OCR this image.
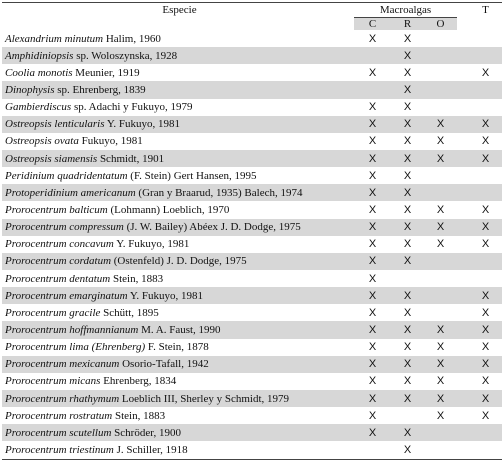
Especie	Macroalgas				T
	C	R	O		
Alexandrium minutum Halim, 1960	X	X			
Amphidiniopsis sp. Woloszynska, 1928		X			
Coolia monotis Meunier, 1919	X	X			X
Dinophysis sp. Ehrenberg, 1839		X			
Gambierdiscus sp. Adachi y Fukuyo, 1979	X	X			
Ostreopsis lenticularis Y. Fukuyo, 1981	X	X	X		X
Ostreopsis ovata Fukuyo, 1981	X	X	X		X
Ostreopsis siamensis Schmidt, 1901	X	X	X		X
Peridinium quadridentatum (F. Stein) Gert Hansen, 1995	X	X			
Protoperidinium americanum (Gran y Braarud, 1935) Balech, 1974	X	X			
Prorocentrum balticum (Lohmann) Loeblich, 1970	X	X	X		X
Prorocentrum compressum (J. W. Bailey) Abéex J. D. Dodge, 1975	X	X	X		X
Prorocentrum concavum Y. Fukuyo, 1981	X	X	X		X
Prorocentrum cordatum (Ostenfeld) J. D. Dodge, 1975	X	X			
Prorocentrum dentatum Stein, 1883	X				
Prorocentrum emarginatum Y. Fukuyo, 1981	X	X			X
Prorocentrum gracile Schütt, 1895	X	X			X
Prorocentrum hoffmannianum M. A. Faust, 1990	X	X	X		X
Prorocentrum lima (Ehrenberg) F. Stein, 1878	X	X	X		X
Prorocentrum mexicanum Osorio-Tafall, 1942	X	X	X		X
Prorocentrum micans Ehrenberg, 1834	X	X	X		X
Prorocentrum rhathymum Loeblich III, Sherley y Schmidt, 1979	X	X	X		X
Prorocentrum rostratum Stein, 1883	X		X		X
Prorocentrum scutellum Schröder, 1900	X	X			
Prorocentrum triestinum J. Schiller, 1918		X			
